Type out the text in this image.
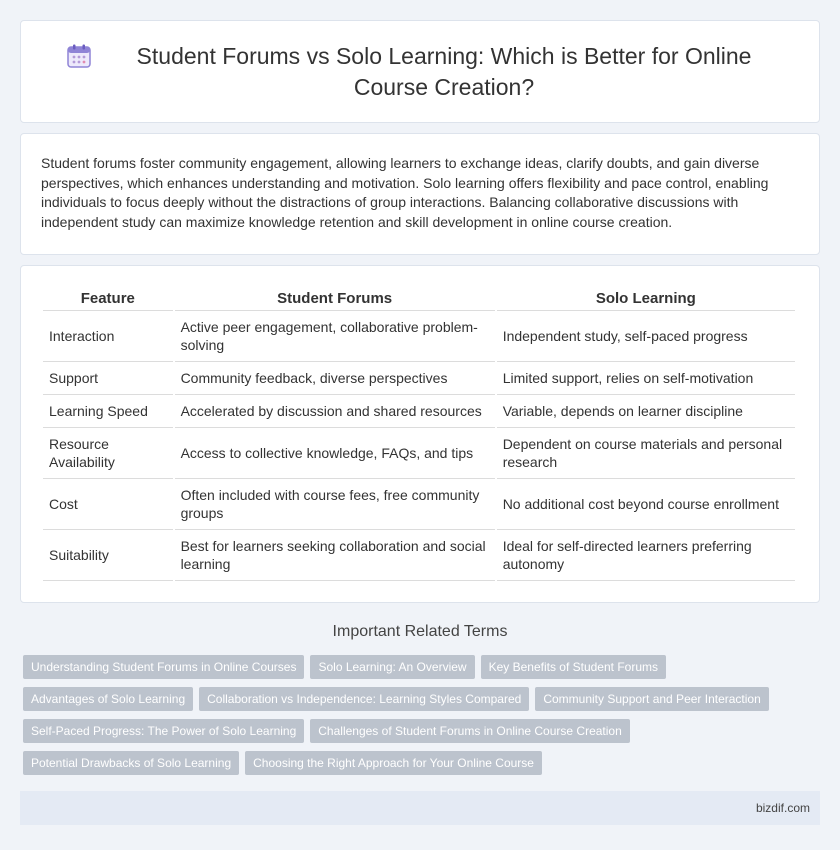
Student Forums vs Solo Learning: Which is Better for Online Course Creation?

Student forums foster community engagement, allowing learners to exchange ideas, clarify doubts, and gain diverse perspectives, which enhances understanding and motivation. Solo learning offers flexibility and pace control, enabling individuals to focus deeply without the distractions of group interactions. Balancing collaborative discussions with independent study can maximize knowledge retention and skill development in online course creation.

Feature	Student Forums	Solo Learning
Interaction	Active peer engagement, collaborative problem-solving	Independent study, self-paced progress
Support	Community feedback, diverse perspectives	Limited support, relies on self-motivation
Learning Speed	Accelerated by discussion and shared resources	Variable, depends on learner discipline
Resource Availability	Access to collective knowledge, FAQs, and tips	Dependent on course materials and personal research
Cost	Often included with course fees, free community groups	No additional cost beyond course enrollment
Suitability	Best for learners seeking collaboration and social learning	Ideal for self-directed learners preferring autonomy
Important Related Terms
Understanding Student Forums in Online Courses	Solo Learning: An Overview	Key Benefits of Student Forums
Advantages of Solo Learning	Collaboration vs Independence: Learning Styles Compared	Community Support and Peer Interaction
Self-Paced Progress: The Power of Solo Learning	Challenges of Student Forums in Online Course Creation
Potential Drawbacks of Solo Learning	Choosing the Right Approach for Your Online Course
bizdif.com
